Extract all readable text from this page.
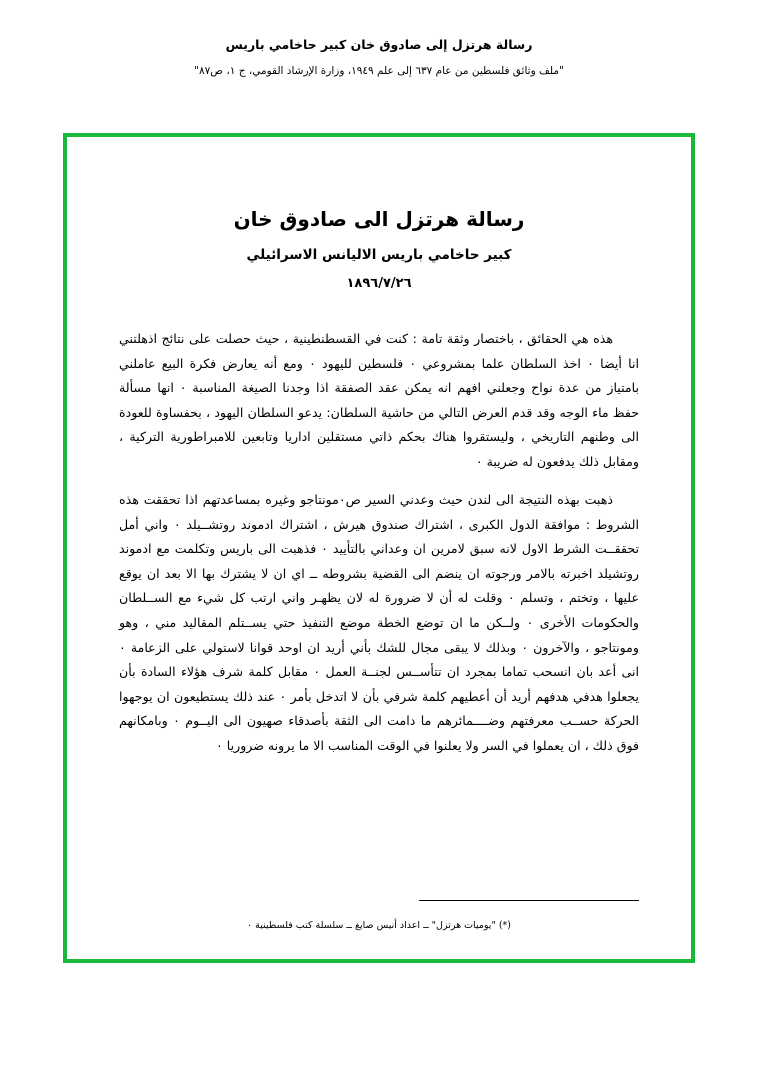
رسالة هرتزل إلى صادوق خان كبير حاخامي باريس
"ملف وثائق فلسطين من عام ٦٣٧ إلى علم ١٩٤٩، وزارة الإرشاد القومي، ج ١، ص٨٧"
رسالة هرتزل الى صادوق خان
كبير حاخامي باريس الاليانس الاسرائيلي
١٨٩٦/٧/٢٦

هذه هي الحقائق ، باختصار وثقة تامة : كنت في القسطنطينية ، حيث حصلت على نتائج اذهلتني انا أيضا ٠ اخذ السلطان علما بمشروعي ٠ فلسطين لليهود ٠ ومع أنه يعارض فكرة البيع عاملني بامتياز من عدة نواح وجعلني افهم انه يمكن عقد الصفقة اذا وجدنا الصيغة المناسبة ٠ انها مسألة حفظ ماء الوجه وقد قدم العرض التالي من حاشية السلطان: يدعو السلطان اليهود ، بحفساوة للعودة الى وطنهم التاريخي ، وليستقروا هناك بحكم ذاتي مستقلين اداريا وتابعين للامبراطورية التركية ، ومقابل ذلك يدفعون له ضريبة ٠

ذهبت بهذه النتيجة الى لندن حيث وعدني السير ص٠مونتاجو وغيره بمساعدتهم اذا تحققت هذه الشروط : موافقة الدول الكبرى ، اشتراك صندوق هيرش ، اشتراك ادموند روتشــيلد ٠ واني أمل تحققــت الشرط الاول لانه سبق لامرين ان وعداني بالتأييد ٠ فذهبت الى باريس وتكلمت مع ادموند روتشيلد اخبرته بالامر ورجوته ان ينضم الى القضية بشروطه ــ اي ان لا يشترك بها الا بعد ان يوقع عليها ، وتختم ، وتسلم ٠ وقلت له أن لا ضرورة له لان يظهـر واني ارتب كل شيء مع الســلطان والحكومات الأخرى ٠ ولــكن ما ان توضع الخطة موضع التنفيذ حتي يســتلم المقاليد مني ، وهو ومونتاجو ، والآخرون ٠ وبذلك لا يبقى مجال للشك بأني أريد ان اوحد قوانا لاستولي على الزعامة ٠ انى أعد بان انسحب تماما بمجرد ان تتأســس لجنــة العمل ٠ مقابل كلمة شرف هؤلاء السادة بأن يجعلوا هدفي هدفهم أريد أن أعطيهم كلمة شرفي بأن لا اتدخل بأمر ٠ عند ذلك يستطيعون ان يوجهوا الحركة حســب معرفتهم وضــــمائرهم ما دامت الى الثقة بأصدقاء صهيون الى اليــوم ٠ وبامكانهم فوق ذلك ، ان يعملوا في السر ولا يعلنوا في الوقت المناسب الا ما يرونه ضروريا ٠

(*) "يوميات هرتزل" ــ اعداد أنيس صايغ ــ سلسلة كتب فلسطينية ٠
